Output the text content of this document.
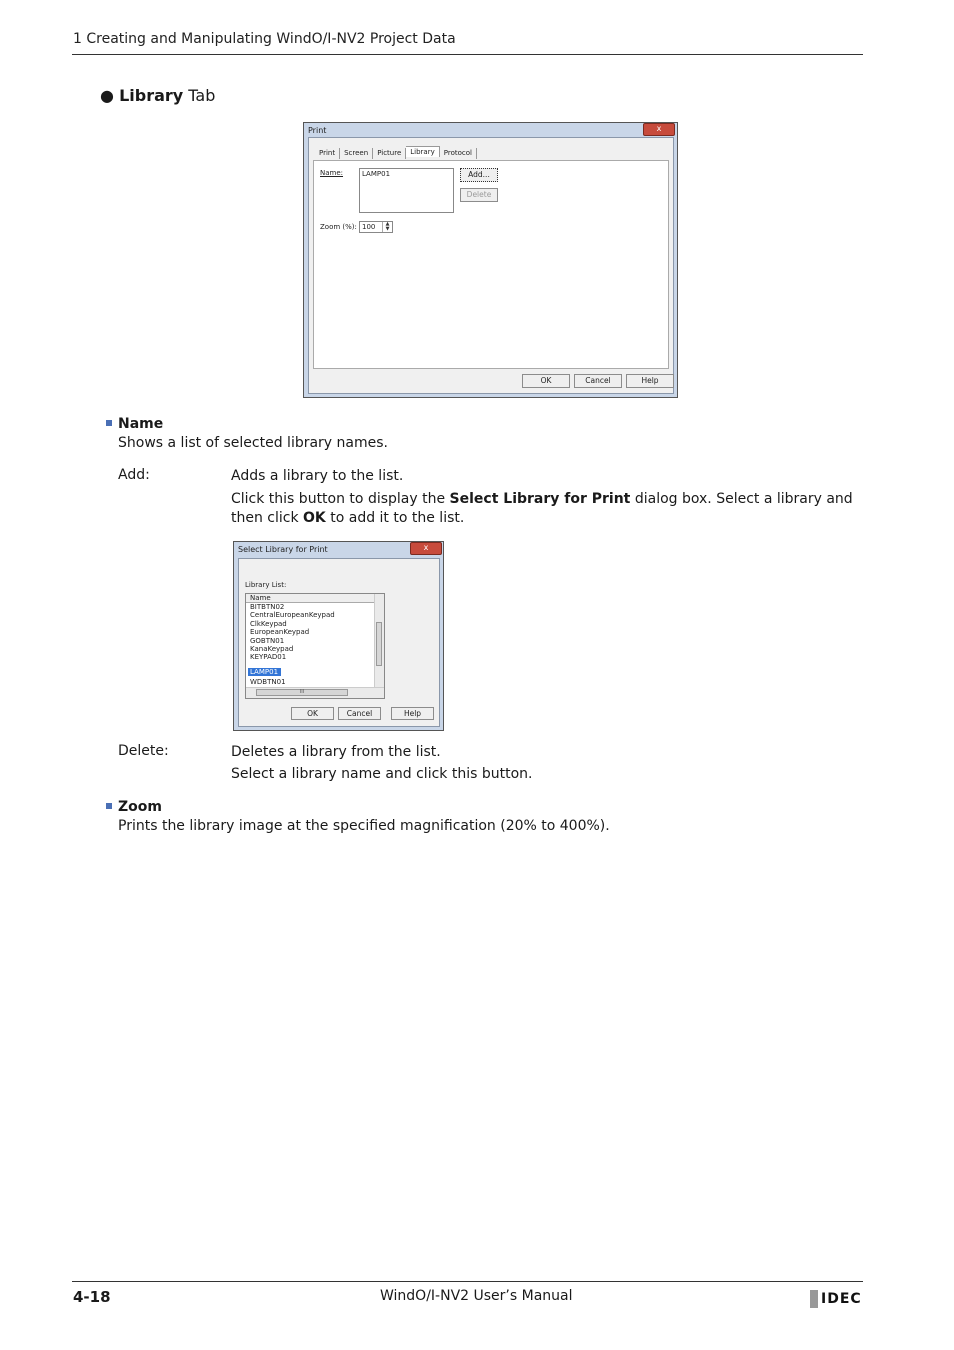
1 Creating and Manipulating WindO/I-NV2 Project Data
● Library Tab
Print	x
Print	Screen	Picture	Library	Protocol
Name:	LAMP01	Add...
Delete
Zoom (%): 100	▲
▼
OK	Cancel	Help
Name
Shows a list of selected library names.
Add:	Adds a library to the list.
Click this button to display the Select Library for Print dialog box. Select a library and then click OK to add it to the list.
Select Library for Print	x
Library List:
Name
BITBTN02
CentralEuropeanKeypad
ClkKeypad
EuropeanKeypad
GOBTN01
KanaKeypad
KEYPAD01
LAMP01

WDBTN01
III
OK	Cancel	Help
Delete:	Deletes a library from the list.
Select a library name and click this button.
Zoom
Prints the library image at the specified magnification (20% to 400%).
4-18	WindO/I-NV2 User’s Manual	IDEC
